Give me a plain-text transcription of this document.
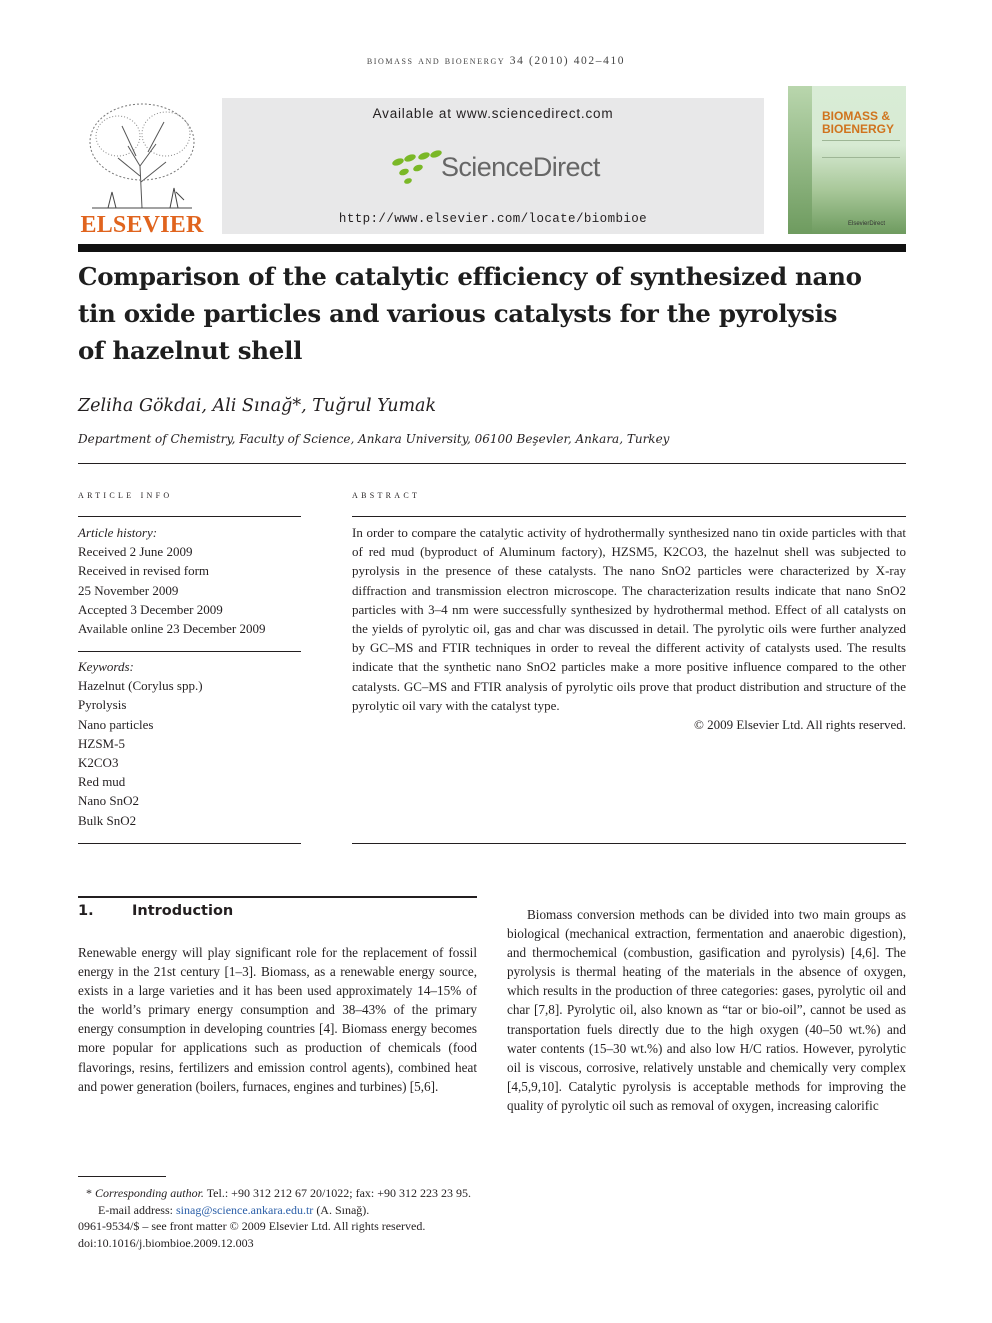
biomass and bioenergy 34 (2010) 402–410
ELSEVIER
Available at www.sciencedirect.com
ScienceDirect
http://www.elsevier.com/locate/biombioe
BIOMASS &
BIOENERGY
ElsevierDirect
Comparison of the catalytic efficiency of synthesized nano
tin oxide particles and various catalysts for the pyrolysis
of hazelnut shell
Zeliha Gökdai, Ali Sınağ*, Tuğrul Yumak
Department of Chemistry, Faculty of Science, Ankara University, 06100 Beşevler, Ankara, Turkey
article info
Article history:
Received 2 June 2009
Received in revised form
25 November 2009
Accepted 3 December 2009
Available online 23 December 2009
Keywords:
Hazelnut (Corylus spp.)
Pyrolysis
Nano particles
HZSM-5
K2CO3
Red mud
Nano SnO2
Bulk SnO2
abstract
In order to compare the catalytic activity of hydrothermally synthesized nano tin oxide particles with that of red mud (byproduct of Aluminum factory), HZSM5, K2CO3, the hazelnut shell was subjected to pyrolysis in the presence of these catalysts. The nano SnO2 particles were characterized by X-ray diffraction and transmission electron microscope. The characterization results indicate that nano SnO2 particles with 3–4 nm were successfully synthesized by hydrothermal method. Effect of all catalysts on the yields of pyrolytic oil, gas and char was discussed in detail. The pyrolytic oils were further analyzed by GC–MS and FTIR techniques in order to reveal the different activity of catalysts used. The results indicate that the synthetic nano SnO2 particles make a more positive influence compared to the other catalysts. GC–MS and FTIR analysis of pyrolytic oils prove that product distribution and structure of the pyrolytic oil vary with the catalyst type.
© 2009 Elsevier Ltd. All rights reserved.
1.	Introduction
Renewable energy will play significant role for the replacement of fossil energy in the 21st century [1–3]. Biomass, as a renewable energy source, exists in a large varieties and it has been used approximately 14–15% of the world’s primary energy consumption and 38–43% of the primary energy consumption in developing countries [4]. Biomass energy becomes more popular for applications such as production of chemicals (food flavorings, resins, fertilizers and emission control agents), combined heat and power generation (boilers, furnaces, engines and turbines) [5,6].
Biomass conversion methods can be divided into two main groups as biological (mechanical extraction, fermentation and anaerobic digestion), and thermochemical (combustion, gasification and pyrolysis) [4,6]. The pyrolysis is thermal heating of the materials in the absence of oxygen, which results in the production of three categories: gases, pyrolytic oil and char [7,8]. Pyrolytic oil, also known as “tar or bio-oil”, cannot be used as transportation fuels directly due to the high oxygen (40–50 wt.%) and water contents (15–30 wt.%) and also low H/C ratios. However, pyrolytic oil is viscous, corrosive, relatively unstable and chemically very complex [4,5,9,10]. Catalytic pyrolysis is acceptable methods for improving the quality of pyrolytic oil such as removal of oxygen, increasing calorific
* Corresponding author. Tel.: +90 312 212 67 20/1022; fax: +90 312 223 23 95.
E-mail address: sinag@science.ankara.edu.tr (A. Sınağ).
0961-9534/$ – see front matter © 2009 Elsevier Ltd. All rights reserved.
doi:10.1016/j.biombioe.2009.12.003
